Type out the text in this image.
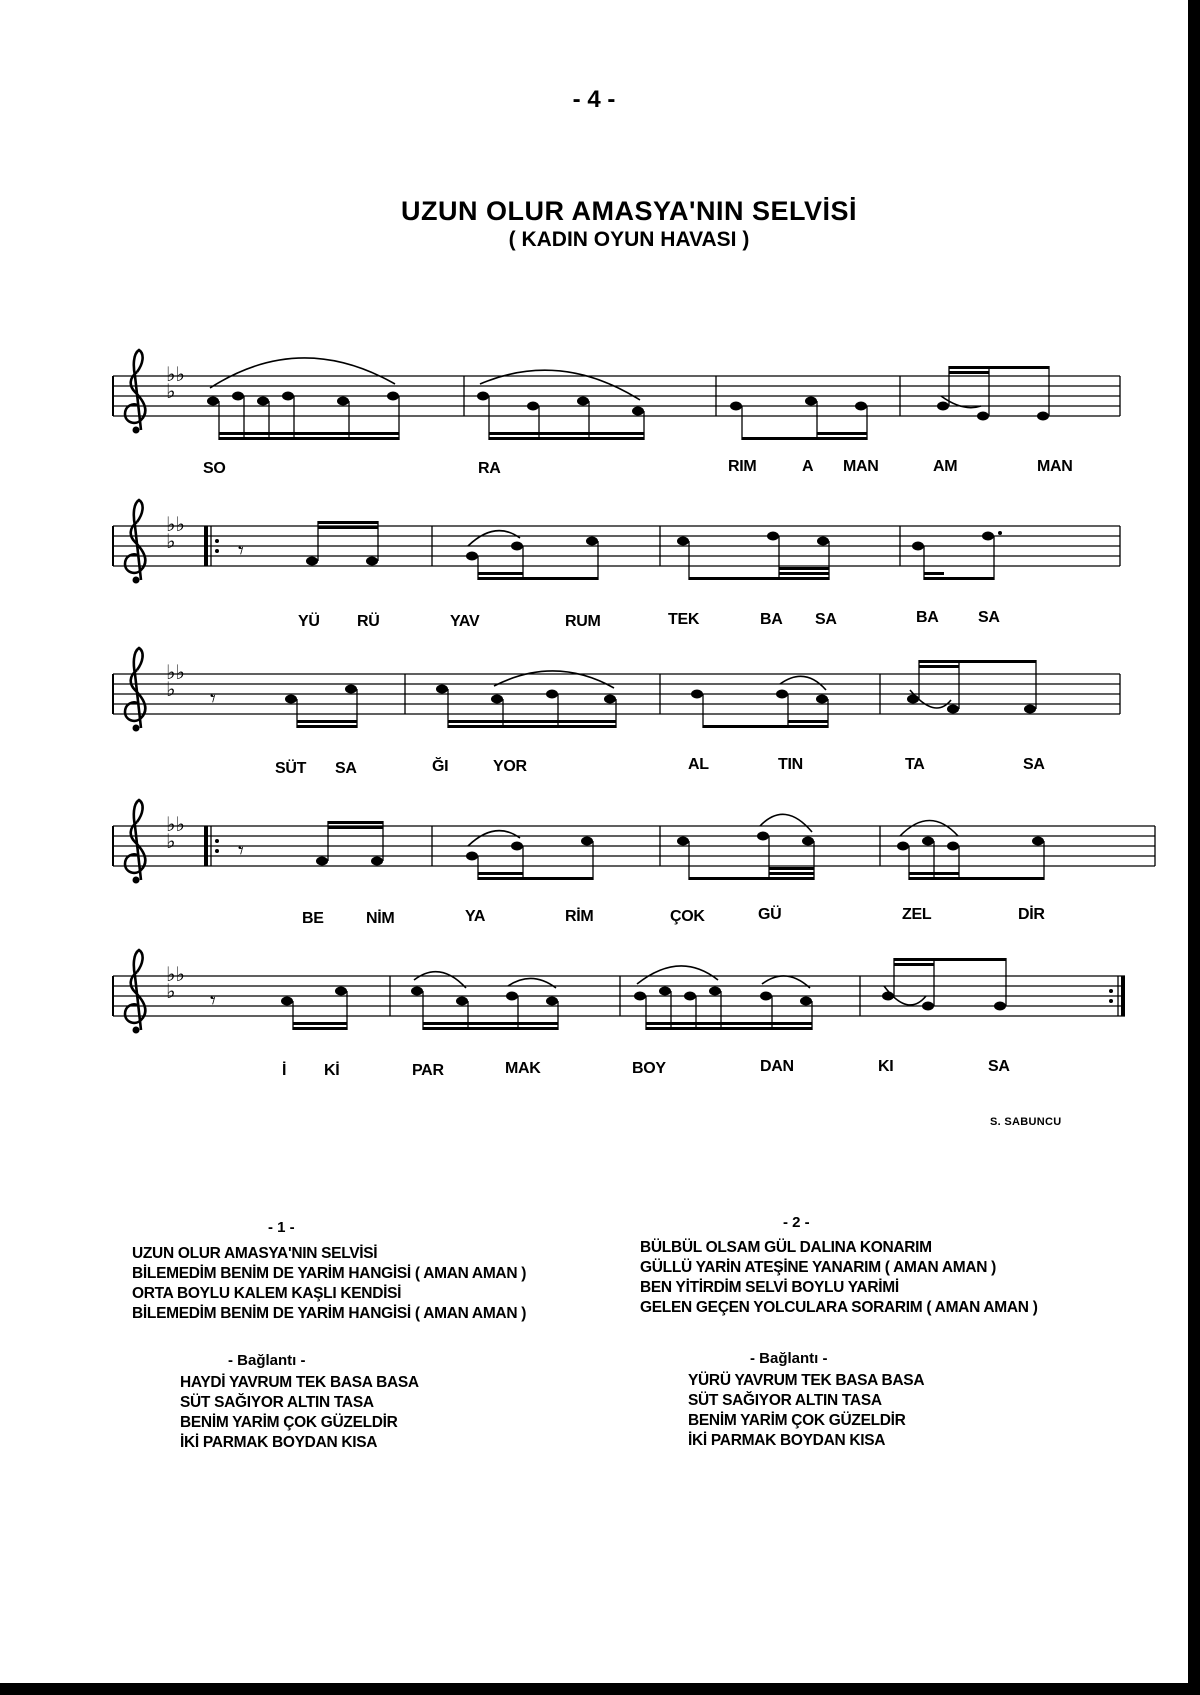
- 4 -
UZUN OLUR AMASYA'NIN SELVİSİ
( KADIN OYUN HAVASI )
♭♭
♭
♭♭
♭	𝄾
♭♭
♭ 𝄾
♭♭
♭	𝄾
♭♭
♭ 𝄾
SO	RA	RIM	A MAN	AM	MAN
YÜ RÜ	YAV	RUM	TEK	BA SA	BA SA
SÜT SA	ĞI	YOR	AL	TIN	TA	SA
BE	NİM	YA	RİM	ÇOK	GÜ	ZEL	DİR
İ Kİ	PAR	MAK	BOY	DAN	KI	SA
S. SABUNCU
- 1 -
UZUN OLUR AMASYA'NIN SELVİSİ
BİLEMEDİM BENİM DE YARİM HANGİSİ ( AMAN AMAN )
ORTA BOYLU KALEM KAŞLI KENDİSİ
BİLEMEDİM BENİM DE YARİM HANGİSİ ( AMAN AMAN )
- Bağlantı -
HAYDİ YAVRUM TEK BASA BASA
SÜT SAĞIYOR ALTIN TASA
BENİM YARİM ÇOK GÜZELDİR
İKİ PARMAK BOYDAN KISA
- 2 -
BÜLBÜL OLSAM GÜL DALINA KONARIM
GÜLLÜ YARİN ATEŞİNE YANARIM ( AMAN AMAN )
BEN YİTİRDİM SELVİ BOYLU YARİMİ
GELEN GEÇEN YOLCULARA SORARIM ( AMAN AMAN )
- Bağlantı -
YÜRÜ YAVRUM TEK BASA BASA
SÜT SAĞIYOR ALTIN TASA
BENİM YARİM ÇOK GÜZELDİR
İKİ PARMAK BOYDAN KISA
